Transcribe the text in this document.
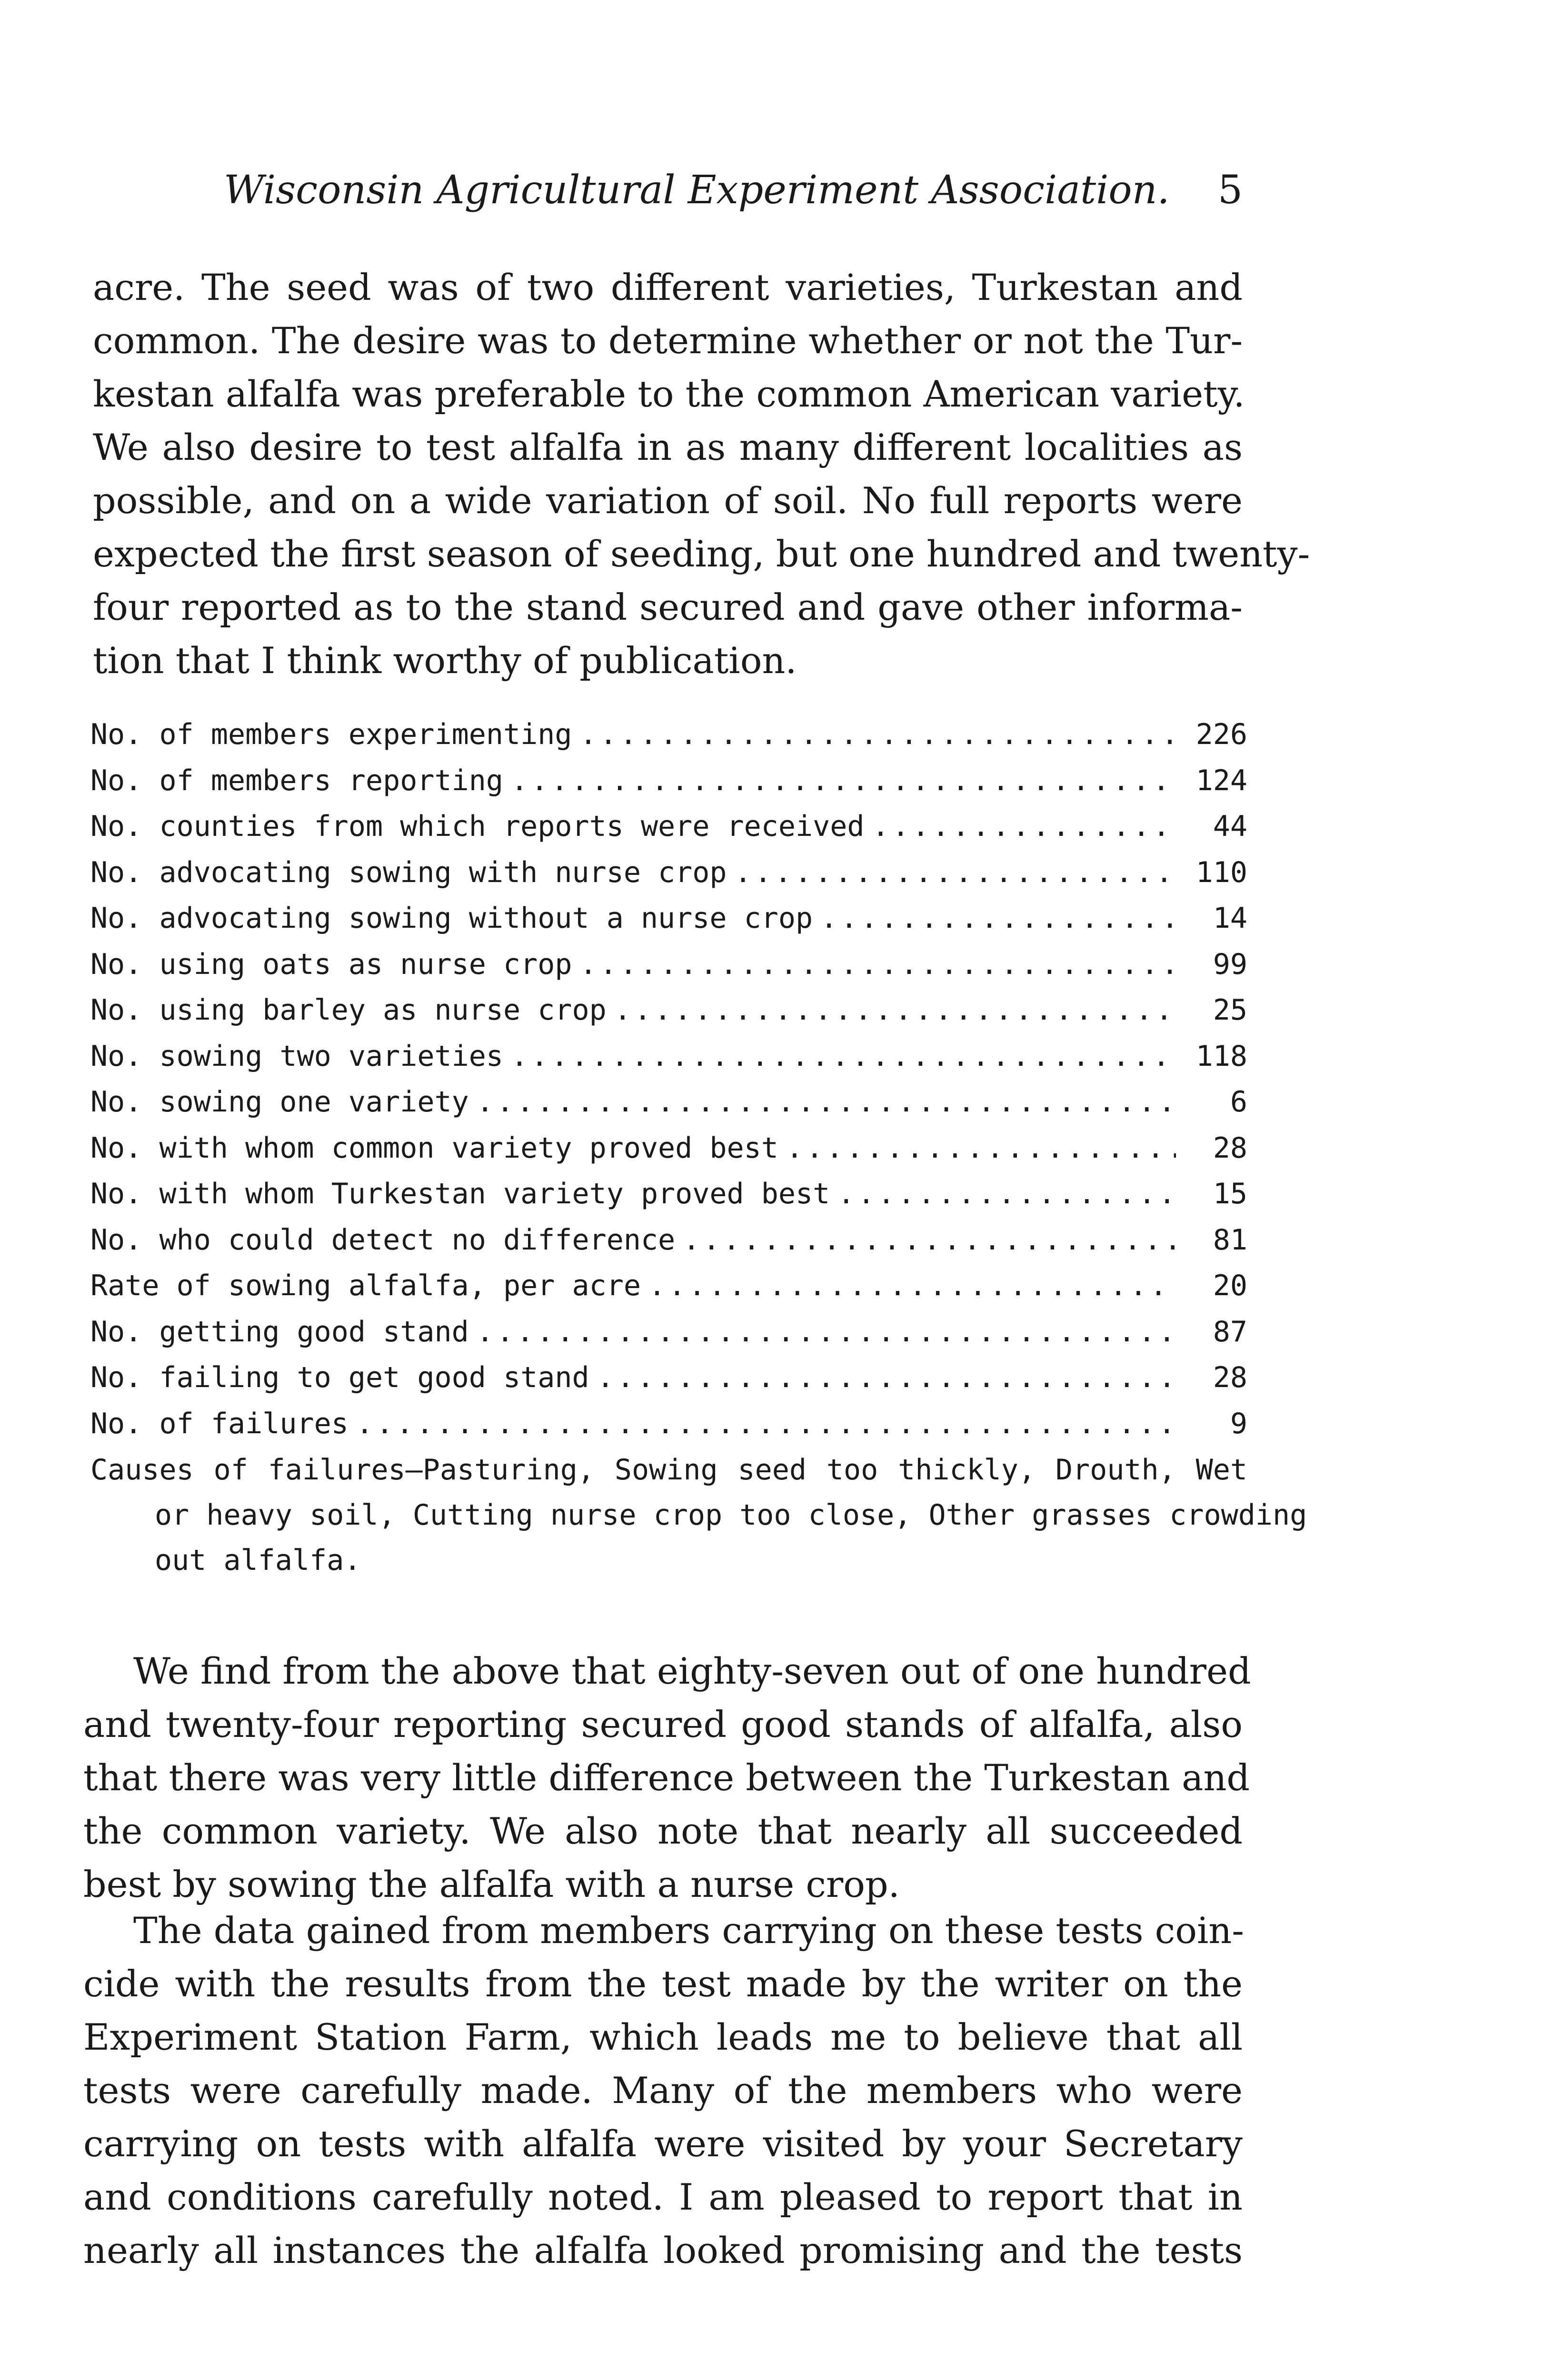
Wisconsin Agricultural Experiment Association. 5
acre. The seed was of two different varieties, Turkestan and
common. The desire was to determine whether or not the Tur-
kestan alfalfa was preferable to the common American variety.
We also desire to test alfalfa in as many different localities as
possible, and on a wide variation of soil. No full reports were
expected the first season of seeding, but one hundred and twenty-
four reported as to the stand secured and gave other informa-
tion that I think worthy of publication.
No. of members experimenting .....	226
No. of members reporting .....	124
No. counties from which reports were received .....	44
No. advocating sowing with nurse crop .....	110
No. advocating sowing without a nurse crop .....	14
No. using oats as nurse crop .....	99
No. using barley as nurse crop .....	25
No. sowing two varieties .....	118
No. sowing one variety .....	6
No. with whom common variety proved best .....	28
No. with whom Turkestan variety proved best .....	15
No. who could detect no difference .....	81
Rate of sowing alfalfa, per acre .....	20
No. getting good stand .....	87
No. failing to get good stand .....	28
No. of failures .....	9
Causes of failures—Pasturing, Sowing seed too thickly, Drouth, Wet
or heavy soil, Cutting nurse crop too close, Other grasses crowding
out alfalfa.
We find from the above that eighty-seven out of one hundred
and twenty-four reporting secured good stands of alfalfa, also
that there was very little difference between the Turkestan and
the common variety. We also note that nearly all succeeded
best by sowing the alfalfa with a nurse crop.
The data gained from members carrying on these tests coin-
cide with the results from the test made by the writer on the
Experiment Station Farm, which leads me to believe that all
tests were carefully made. Many of the members who were
carrying on tests with alfalfa were visited by your Secretary
and conditions carefully noted. I am pleased to report that in
nearly all instances the alfalfa looked promising and the tests
